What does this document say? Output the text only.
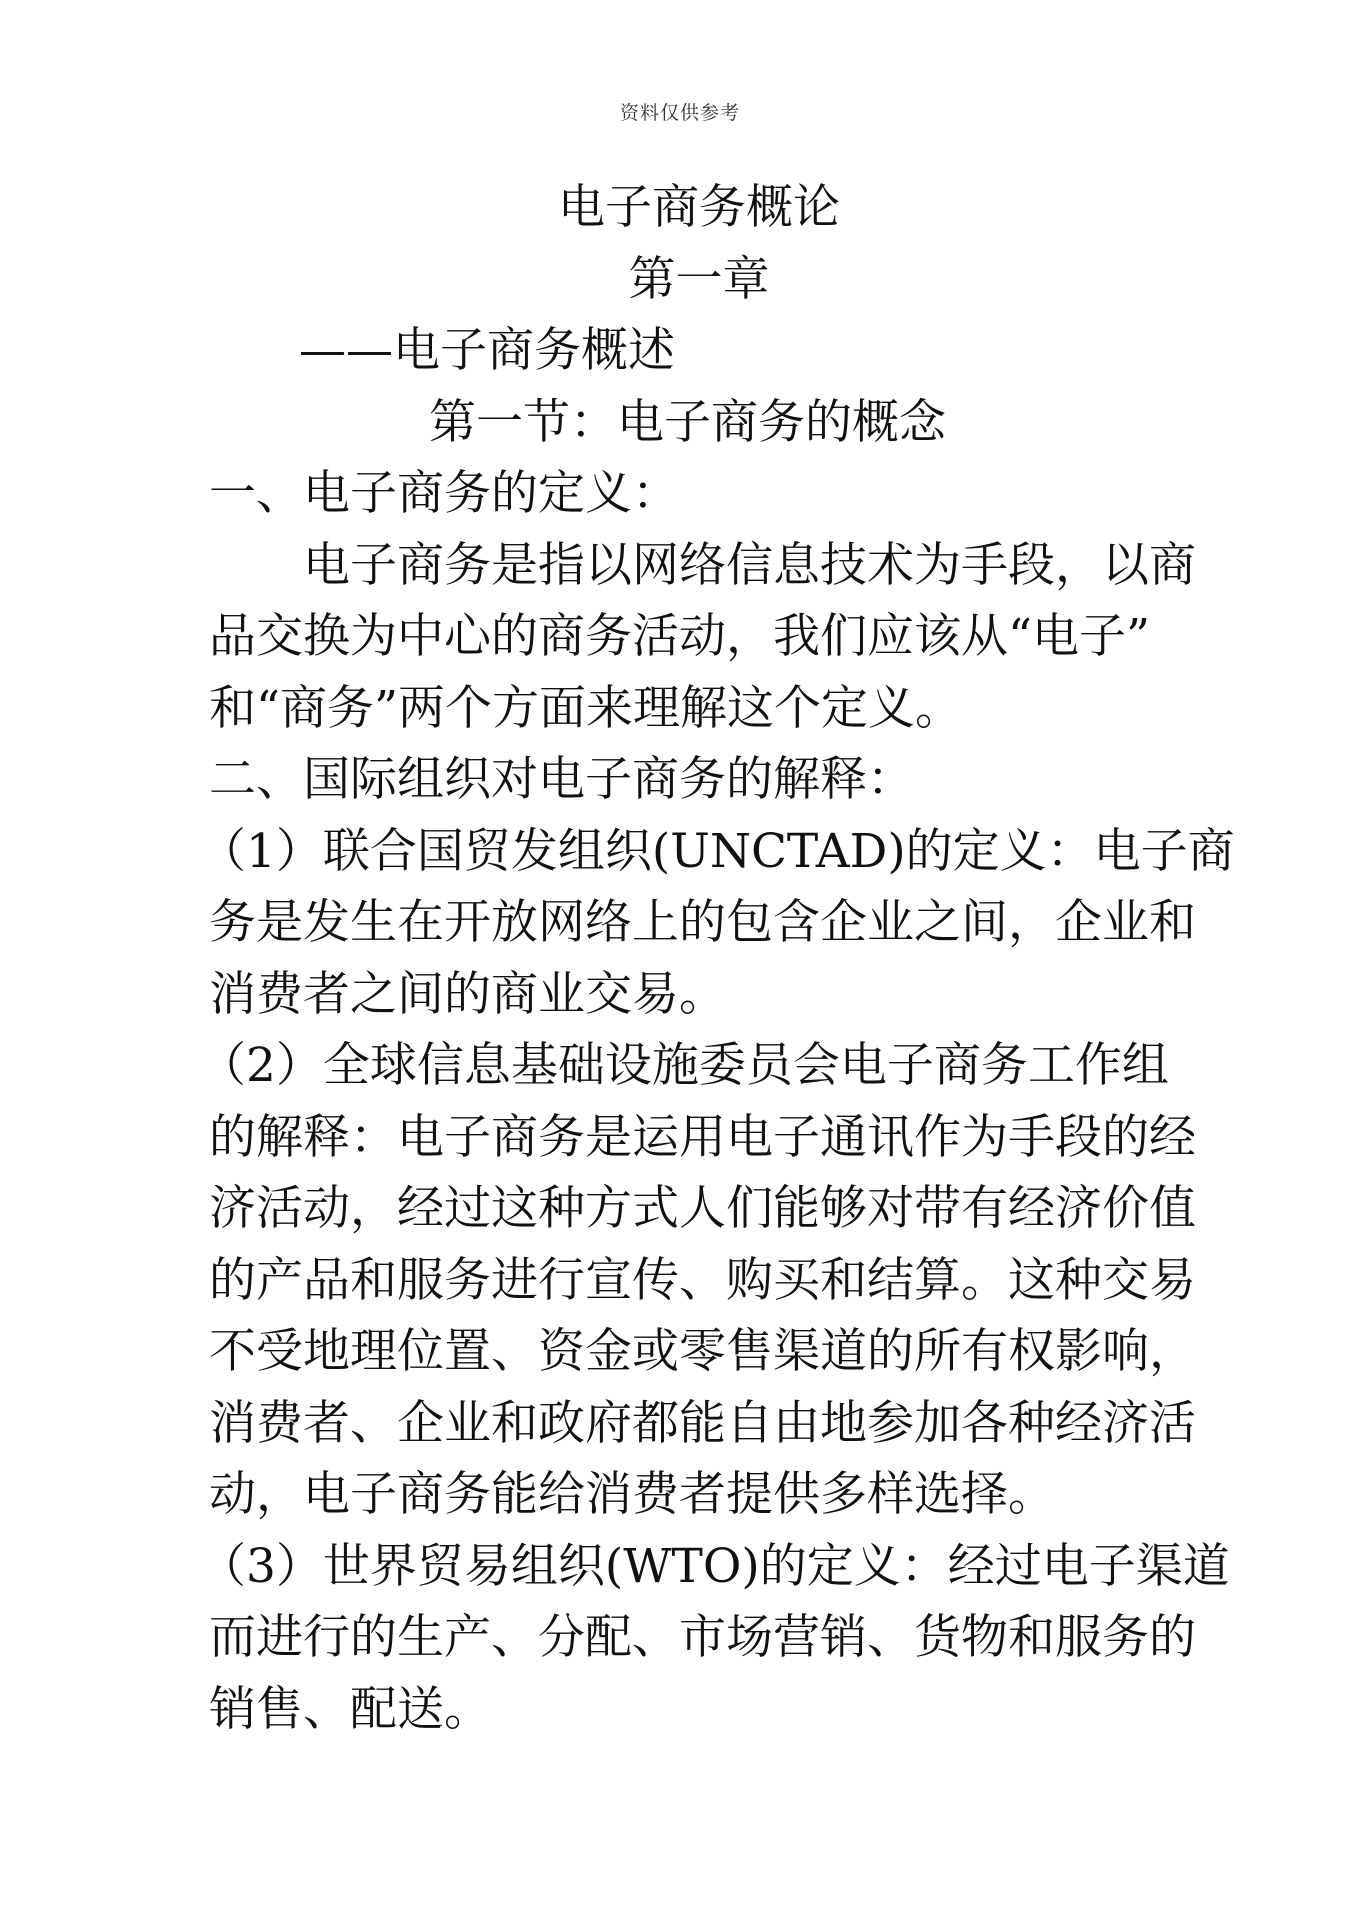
资料仅供参考
电子商务概论
第一章
——电子商务概述
第一节：电子商务的概念
一、电子商务的定义：
电子商务是指以网络信息技术为手段，以商
品交换为中心的商务活动，我们应该从“电子”
和“商务”两个方面来理解这个定义。
二、国际组织对电子商务的解释：
（1）联合国贸发组织(UNCTAD)的定义：电子商
务是发生在开放网络上的包含企业之间，企业和
消费者之间的商业交易。
（2）全球信息基础设施委员会电子商务工作组
的解释：电子商务是运用电子通讯作为手段的经
济活动，经过这种方式人们能够对带有经济价值
的产品和服务进行宣传、购买和结算。这种交易
不受地理位置、资金或零售渠道的所有权影响，
消费者、企业和政府都能自由地参加各种经济活
动，电子商务能给消费者提供多样选择。
（3）世界贸易组织(WTO)的定义：经过电子渠道
而进行的生产、分配、市场营销、货物和服务的
销售、配送。
